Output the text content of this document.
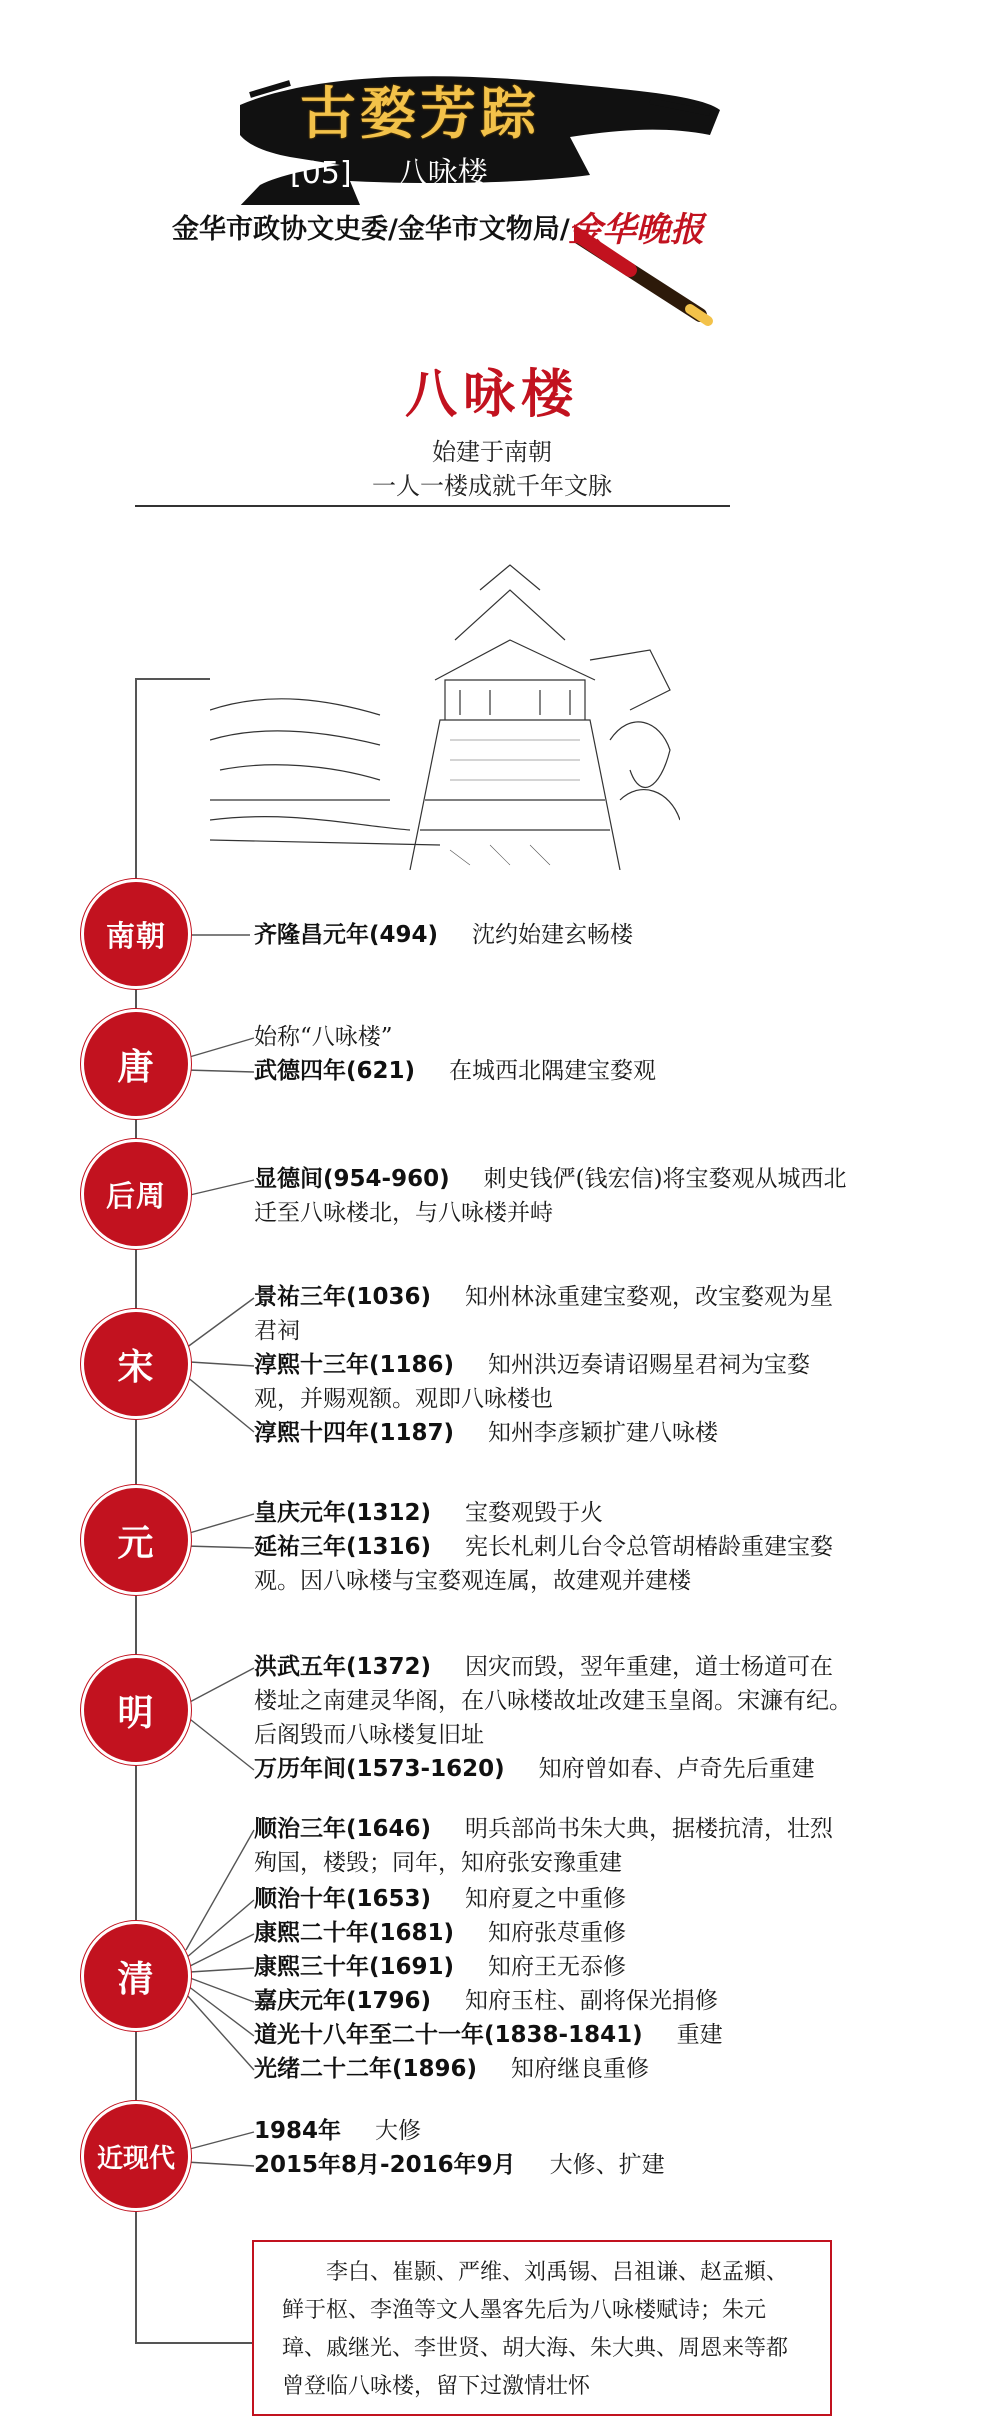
古婺芳踪
[05] 八咏楼
金华市政协文史委/金华市文物局/
金华晚报
八咏楼
始建于南朝
一人一楼成就千年文脉
南朝
唐
后周
宋
元
明
清
近现代
齐隆昌元年(494) 沈约始建玄畅楼
始称“八咏楼”
武德四年(621) 在城西北隅建宝婺观
显德间(954-960) 刺史钱俨(钱宏信)将宝婺观从城西北迁至八咏楼北，与八咏楼并峙
景祐三年(1036) 知州林泳重建宝婺观，改宝婺观为星君祠
淳熙十三年(1186) 知州洪迈奏请诏赐星君祠为宝婺观，并赐观额。观即八咏楼也
淳熙十四年(1187) 知州李彦颖扩建八咏楼
皇庆元年(1312) 宝婺观毁于火
延祐三年(1316) 宪长札剌儿台令总管胡椿龄重建宝婺观。因八咏楼与宝婺观连属，故建观并建楼
洪武五年(1372) 因灾而毁，翌年重建，道士杨道可在楼址之南建灵华阁，在八咏楼故址改建玉皇阁。宋濂有纪。后阁毁而八咏楼复旧址
万历年间(1573-1620) 知府曾如春、卢奇先后重建
顺治三年(1646) 明兵部尚书朱大典，据楼抗清，壮烈殉国，楼毁；同年，知府张安豫重建
顺治十年(1653) 知府夏之中重修
康熙二十年(1681) 知府张荩重修
康熙三十年(1691) 知府王无忝修
嘉庆元年(1796) 知府玉柱、副将保光捐修
道光十八年至二十一年(1838-1841) 重建
光绪二十二年(1896) 知府继良重修
1984年 大修
2015年8月-2016年9月 大修、扩建
李白、崔颢、严维、刘禹锡、吕祖谦、赵孟頫、鲜于枢、李渔等文人墨客先后为八咏楼赋诗；朱元璋、戚继光、李世贤、胡大海、朱大典、周恩来等都曾登临八咏楼，留下过激情壮怀
